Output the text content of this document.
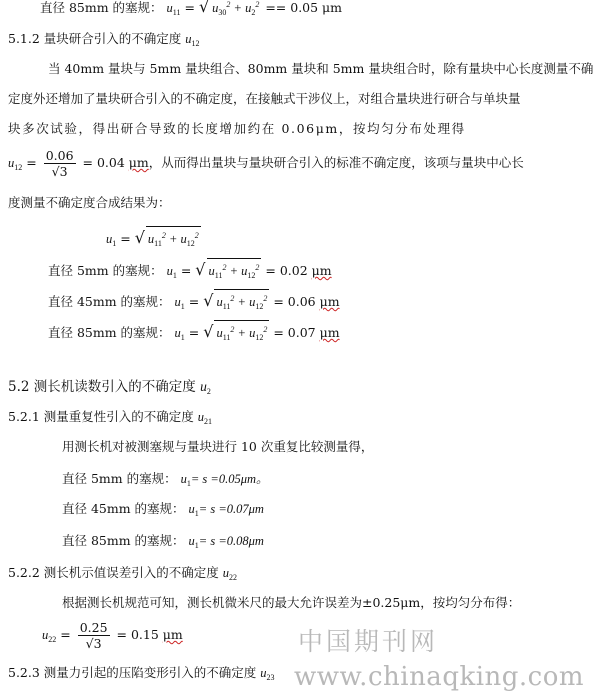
直径 85mm 的塞规： $u_{11}$ = √ $u_{30}^2 + u_2^2 == 0.05$ μm
5.1.2 量块研合引入的不确定度 $u_{12}$
当 40mm 量块与 5mm 量块组合、80mm 量块和 5mm 量块组合时，除有量块中心长度测量不确
定度外还增加了量块研合引入的不确定度，在接触式干涉仪上，对组合量块进行研合与单块量
块多次试验，得出研合导致的长度增加约在 0.06μm，按均匀分布处理得
$u_{12} = \frac{0.06}{√3} = 0.04$ μm，从而得出量块与量块研合引入的标准不确定度，该项与量块中心长
度测量不确定度合成结果为：
$u_1$ = √ $u_{11}^2 + u_{12}^2$
直径 5mm 的塞规： $u_1$ = √ $u_{11}^2 + u_{12}^2 = 0.02$ μm
直径 45mm 的塞规： $u_1$ = √ $u_{11}^2 + u_{12}^2 = 0.06$ μm
直径 85mm 的塞规： $u_1$ = √ $u_{11}^2 + u_{12}^2 = 0.07$ μm
5.2 测长机读数引入的不确定度 $u_2$
5.2.1 测量重复性引入的不确定度 $u_{21}$
用测长机对被测塞规与量块进行 10 次重复比较测量得，
直径 5mm 的塞规： $u_1= s =0.05\mu m$。
直径 45mm 的塞规： $u_1= s =0.07\mu m$
直径 85mm 的塞规： $u_1= s =0.08\mu m$
5.2.2 测长机示值误差引入的不确定度 $u_{22}$
根据测长机规范可知，测长机微米尺的最大允许误差为±0.25μm，按均匀分布得：
$u_{22} = \frac{0.25}{√3} = 0.15$ μm
5.2.3 测量力引起的压陷变形引入的不确定度 $u_{23}$
中国期刊网
www.chinaqking.com
